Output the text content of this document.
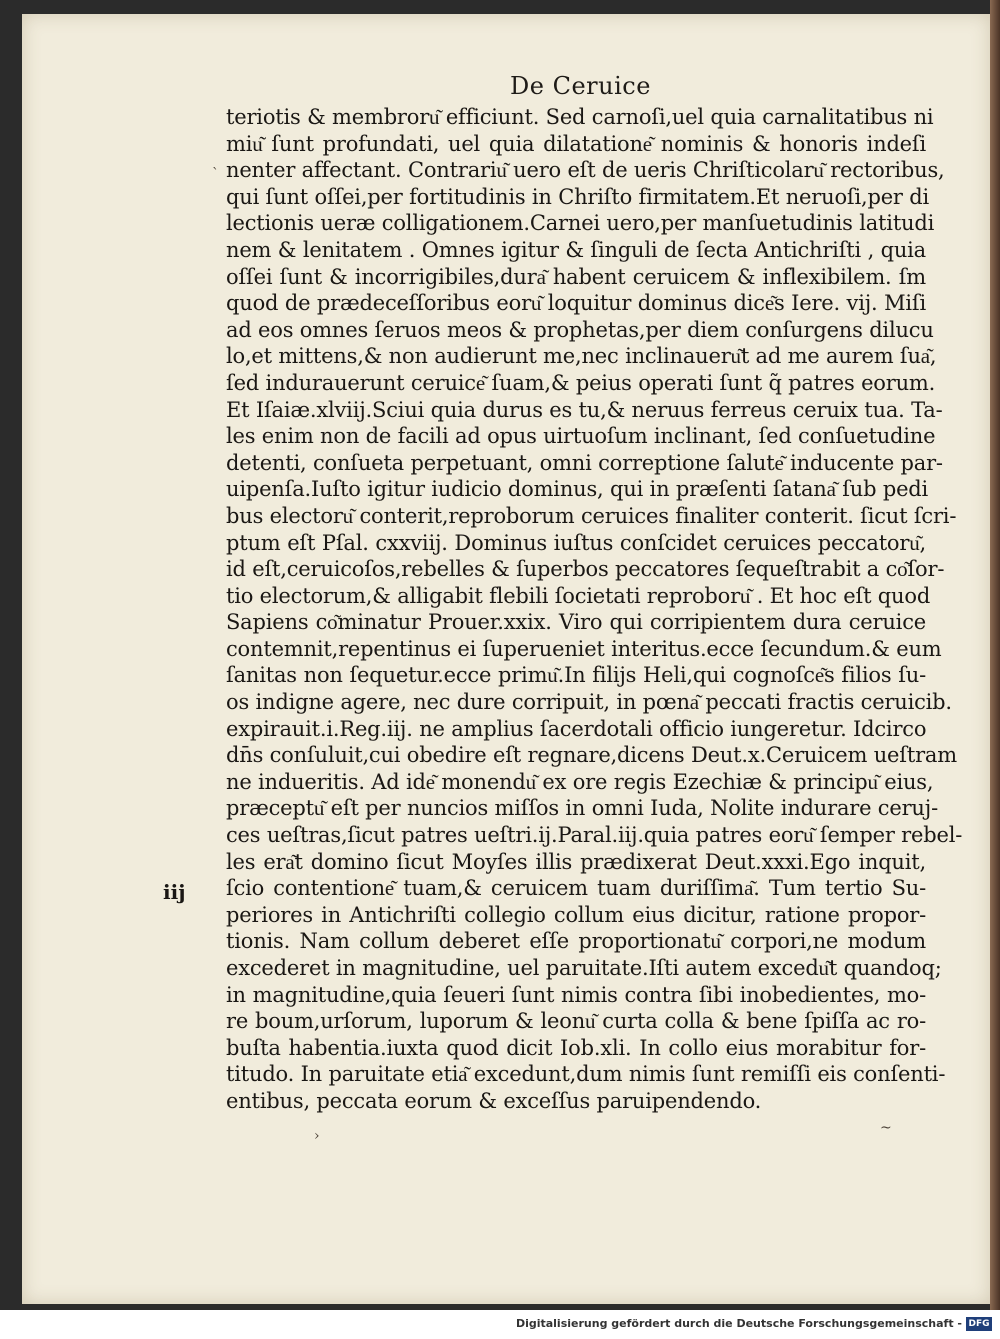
De Ceruice
ˋ
teriotis & membroru͂ efficiunt. Sed carnoſi,uel quia carnalitatibus ni
miu͂ ſunt profundati, uel quia dilatatione͂ nominis & honoris indeſi
nenter affectant. Contrariu͂ uero eſt de ueris Chriſticolaru͂ rectoribus,
qui ſunt oſſei,per fortitudinis in Chriſto firmitatem.Et neruoſi,per di
lectionis ueræ colligationem.Carnei uero,per manſuetudinis latitudi
nem & lenitatem . Omnes igitur & ſinguli de ſecta Antichriſti , quia
oſſei ſunt & incorrigibiles,dura͂ habent ceruicem & inflexibilem. ſm
quod de prædeceſſoribus eoru͂ loquitur dominus dice͂s Iere. vij. Miſi
ad eos omnes ſeruos meos & prophetas,per diem conſurgens dilucu
lo,et mittens,& non audierunt me,nec inclinaueru͂t ad me aurem ſua͂,
ſed indurauerunt ceruice͂ ſuam,& peius operati ſunt q̃ patres eorum.
Et Iſaiæ.xlviij.Sciui quia durus es tu,& neruus ferreus ceruix tua. Ta-
les enim non de facili ad opus uirtuoſum inclinant, ſed conſuetudine
detenti, conſueta perpetuant, omni correptione ſalute͂ inducente par-
uipenſa.Iuſto igitur iudicio dominus, qui in præſenti ſatana͂ ſub pedi
bus electoru͂ conterit,reproborum ceruices finaliter conterit. ſicut ſcri-
ptum eſt Pſal. cxxviij. Dominus iuſtus conſcidet ceruices peccatoru͂,
id eſt,ceruicoſos,rebelles & ſuperbos peccatores ſequeſtrabit a co͂ſor-
tio electorum,& alligabit flebili ſocietati reproboru͂ . Et hoc eſt quod
Sapiens co͂minatur Prouer.xxix. Viro qui corripientem dura ceruice
contemnit,repentinus ei ſuperueniet interitus.ecce ſecundum.& eum
ſanitas non ſequetur.ecce primu͂.In filijs Heli,qui cognoſce͂s filios ſu-
os indigne agere, nec dure corripuit, in pœna͂ peccati fractis ceruicib.
expirauit.i.Reg.iij. ne amplius ſacerdotali officio iungeretur. Idcirco
dn̄s conſuluit,cui obedire eſt regnare,dicens Deut.x.Ceruicem ueſtram
ne indueritis. Ad ide͂ monendu͂ ex ore regis Ezechiæ & principu͂ eius,
præceptu͂ eſt per nuncios miſſos in omni Iuda, Nolite indurare ceruj-
ces ueſtras,ſicut patres ueſtri.ij.Paral.iij.quia patres eoru͂ ſemper rebel-
les era͂t domino ſicut Moyſes illis prædixerat Deut.xxxi.Ego inquit,
ſcio contentione͂ tuam,& ceruicem tuam duriſſima͂. Tum tertio Su-
periores in Antichriſti collegio collum eius dicitur, ratione propor-
tionis. Nam collum deberet eſſe proportionatu͂ corpori,ne modum
excederet in magnitudine, uel paruitate.Iſti autem excedu͂t quandoq;
in magnitudine,quia ſeueri ſunt nimis contra ſibi inobedientes, mo-
re boum,urſorum, luporum & leonu͂ curta colla & bene ſpiſſa ac ro-
buſta habentia.iuxta quod dicit Iob.xli. In collo eius morabitur for-
titudo. In paruitate etia͂ excedunt,dum nimis ſunt remiſſi eis conſenti-
entibus, peccata eorum & exceſſus paruipendendo.
iij
›	~
Digitalisierung gefördert durch die Deutsche Forschungsgemeinschaft - DFG
